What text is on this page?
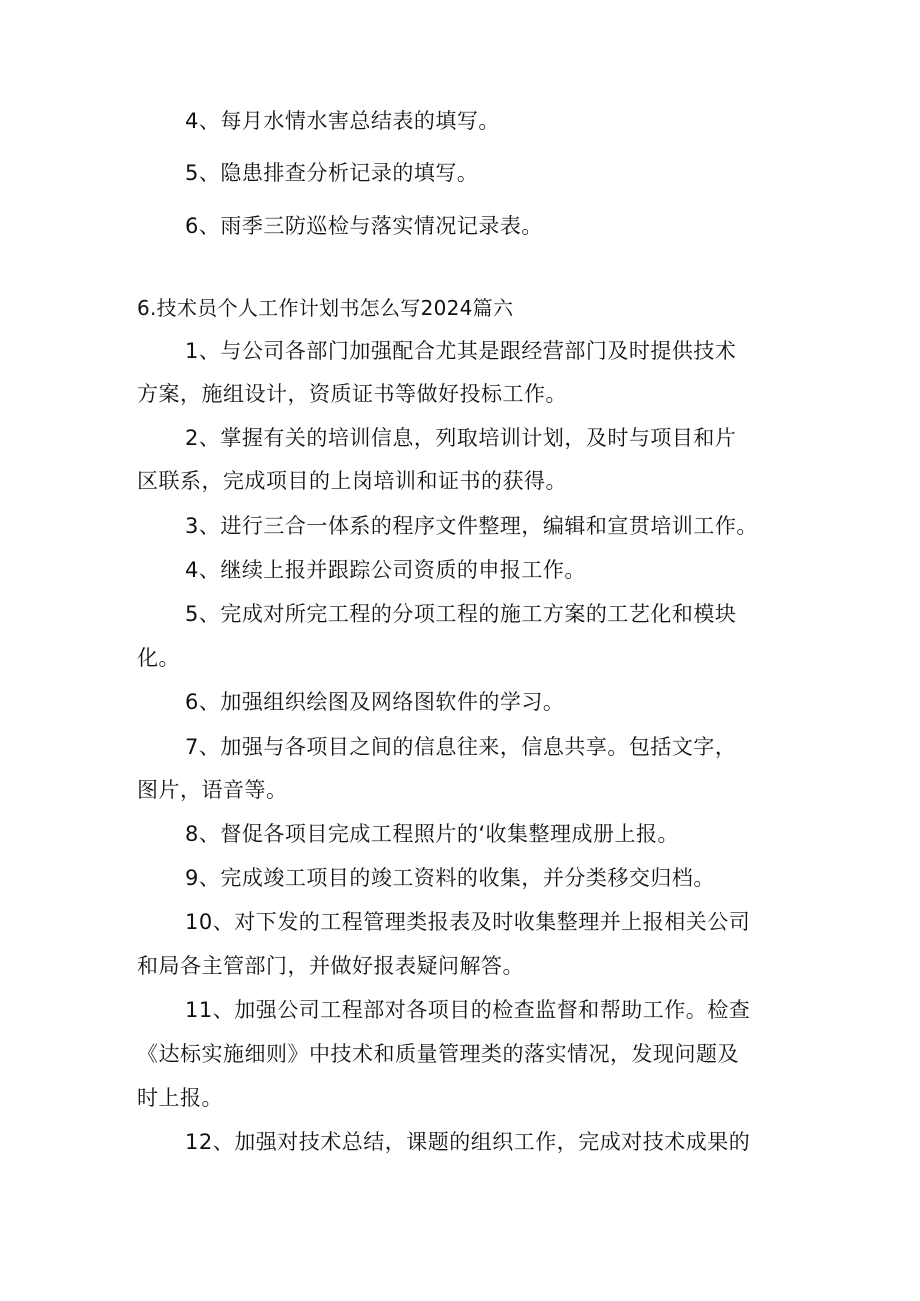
4、每月水情水害总结表的填写。
5、隐患排查分析记录的填写。
6、雨季三防巡检与落实情况记录表。
6.技术员个人工作计划书怎么写2024篇六
1、与公司各部门加强配合尤其是跟经营部门及时提供技术
方案，施组设计，资质证书等做好投标工作。
2、掌握有关的培训信息，列取培训计划，及时与项目和片
区联系，完成项目的上岗培训和证书的获得。
3、进行三合一体系的程序文件整理，编辑和宣贯培训工作。
4、继续上报并跟踪公司资质的申报工作。
5、完成对所完工程的分项工程的施工方案的工艺化和模块
化。
6、加强组织绘图及网络图软件的学习。
7、加强与各项目之间的信息往来，信息共享。包括文字，
图片，语音等。
8、督促各项目完成工程照片的‘收集整理成册上报。
9、完成竣工项目的竣工资料的收集，并分类移交归档。
10、对下发的工程管理类报表及时收集整理并上报相关公司
和局各主管部门，并做好报表疑问解答。
11、加强公司工程部对各项目的检查监督和帮助工作。检查
《达标实施细则》中技术和质量管理类的落实情况，发现问题及
时上报。
12、加强对技术总结，课题的组织工作，完成对技术成果的
